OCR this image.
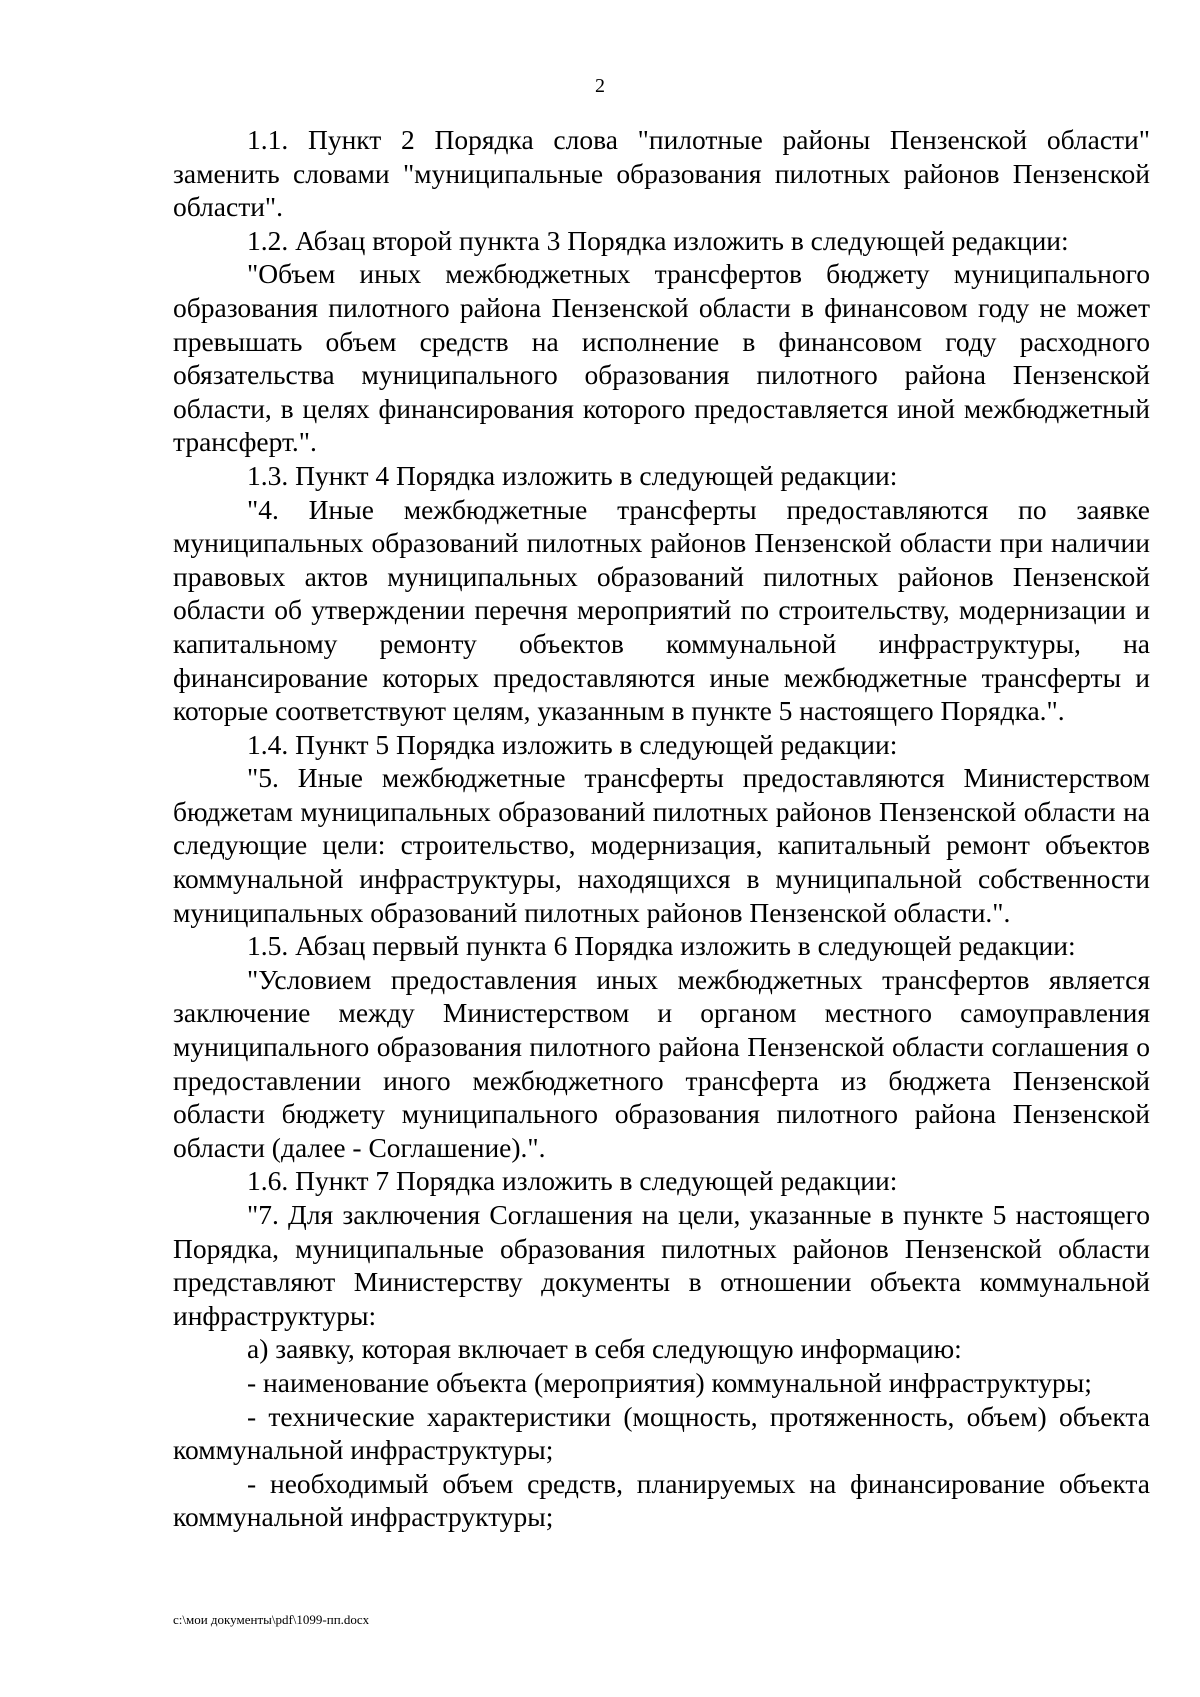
2

1.1. Пункт 2 Порядка слова "пилотные районы Пензенской области" заменить словами "муниципальные образования пилотных районов Пензенской области".

1.2. Абзац второй пункта 3 Порядка изложить в следующей редакции:

"Объем иных межбюджетных трансфертов бюджету муниципального образования пилотного района Пензенской области в финансовом году не может превышать объем средств на исполнение в финансовом году расходного обязательства муниципального образования пилотного района Пензенской области, в целях финансирования которого предоставляется иной межбюджетный трансферт.".

1.3. Пункт 4 Порядка изложить в следующей редакции:

"4. Иные межбюджетные трансферты предоставляются по заявке муниципальных образований пилотных районов Пензенской области при наличии правовых актов муниципальных образований пилотных районов Пензенской области об утверждении перечня мероприятий по строительству, модернизации и капитальному ремонту объектов коммунальной инфраструктуры, на финансирование которых предоставляются иные межбюджетные трансферты и которые соответствуют целям, указанным в пункте 5 настоящего Порядка.".

1.4. Пункт 5 Порядка изложить в следующей редакции:

"5. Иные межбюджетные трансферты предоставляются Министерством бюджетам муниципальных образований пилотных районов Пензенской области на следующие цели: строительство, модернизация, капитальный ремонт объектов коммунальной инфраструктуры, находящихся в муниципальной собственности муниципальных образований пилотных районов Пензенской области.".

1.5. Абзац первый пункта 6 Порядка изложить в следующей редакции:

"Условием предоставления иных межбюджетных трансфертов является заключение между Министерством и органом местного самоуправления муниципального образования пилотного района Пензенской области соглашения о предоставлении иного межбюджетного трансферта из бюджета Пензенской области бюджету муниципального образования пилотного района Пензенской области (далее - Соглашение).".

1.6. Пункт 7 Порядка изложить в следующей редакции:

"7. Для заключения Соглашения на цели, указанные в пункте 5 настоящего Порядка, муниципальные образования пилотных районов Пензенской области представляют Министерству документы в отношении объекта коммунальной инфраструктуры:

а) заявку, которая включает в себя следующую информацию:

- наименование объекта (мероприятия) коммунальной инфраструктуры;

- технические характеристики (мощность, протяженность, объем) объекта коммунальной инфраструктуры;

- необходимый объем средств, планируемых на финансирование объекта коммунальной инфраструктуры;

c:\мои документы\pdf\1099-пп.docx
